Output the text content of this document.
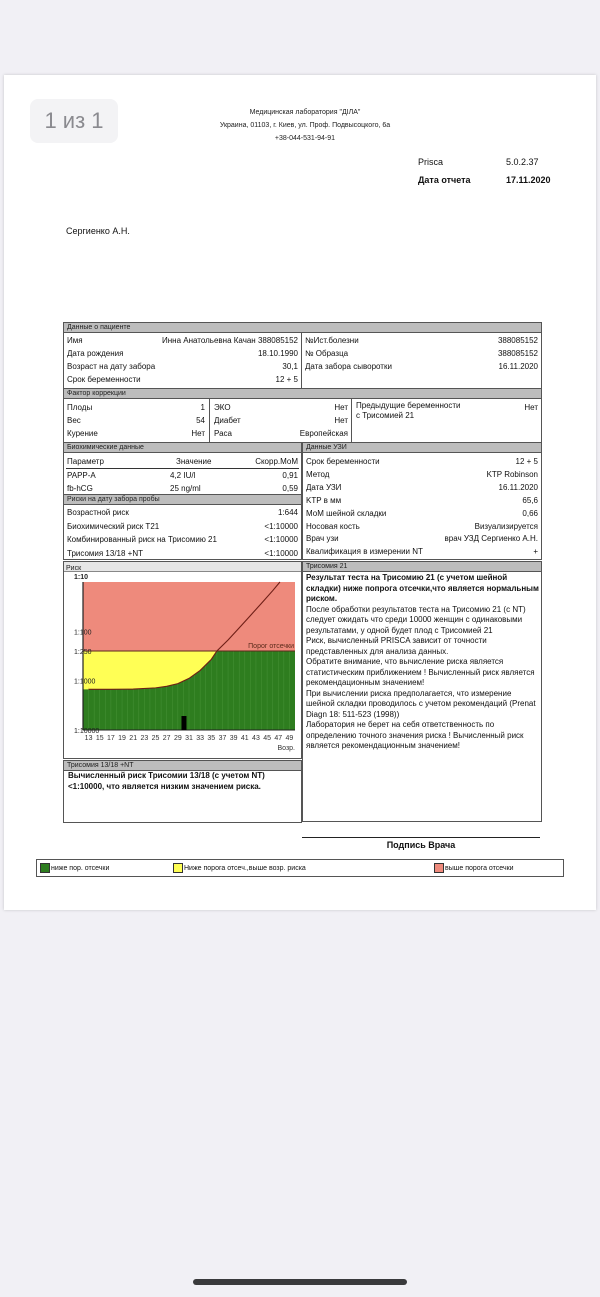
1 из 1	Медицинская лаборатория "ДІЛА"
Украина, 01103, г. Киев, ул. Проф. Подвысоцкого, 6а
+38-044-531-94-91
Prisca	5.0.2.37
Дата отчета	17.11.2020
Сергиенко А.Н.
Данные о пациенте
Фактор коррекции
Биохимические данные
Риски на дату забора пробы
Данные УЗИ
Порог отсечки
Риск
1:10
1:100
1:250
1:1000
1:10000
13 15 17 19 21 23 25 27 29 31 33 35 37 39 41 43 45 47 49
Возр.
Трисомия 21
Результат теста на Трисомию 21 (с учетом шейной складки) ниже попрога отсечки,что является нормальным риском.
После обработки результатов теста на Трисомию 21 (с NT) следует ожидать что среди 10000 женщин с одинаковыми результатами, у одной будет плод с Трисомией 21
Риск, вычисленный PRISCA зависит от точности представленных для анализа данных.
Обратите внимание, что вычисление риска является статистическим приближением ! Вычисленный риск является рекомендационным значением!
При вычислении риска предполагается, что измерение шейной складки проводилось с учетом рекомендаций (Prenat Diagn 18: 511-523 (1998))
Лаборатория не берет на себя ответственность по определению точного значения риска ! Вычисленный риск является рекомендационным значением!
Трисомия 13/18 +NT
Вычисленный риск Трисомии 13/18 (с учетом NT) <1:10000, что является низким значением риска.
Подпись Врача
ниже пор. отсечки	Ниже порога отсеч.,выше возр. риска	выше порога отсечки
Имя	Инна Анатольевна Качан 388085152
Дата рождения	18.10.1990
Возраст на дату забора	30,1
Срок беременности	12 + 5
№Ист.болезни	388085152
№ Образца	388085152
Дата забора сыворотки	16.11.2020
Плоды	1
Вес	54
Курение	Нет
ЭКО	Нет
Диабет	Нет
Раса	Европейская
Предыдущие беременности с Трисомией 21
Нет
Параметр	Значение	Скорр.МоМ
PAPP-A	4,2 IU/l	0,91
fb-hCG	25 ng/ml	0,59
Возрастной риск	1:644
Биохимический риск T21	<1:10000
Комбинированный риск на Трисомию 21	<1:10000
Трисомия 13/18 +NT	<1:10000
Срок беременности	12 + 5
Метод	KTP Robinson
Дата УЗИ	16.11.2020
KTP в мм	65,6
МоМ шейной складки	0,66
Носовая кость	Визуализируется
Врач узи	врач УЗД Сергиенко А.Н.
Квалификация в измерении NT	+
